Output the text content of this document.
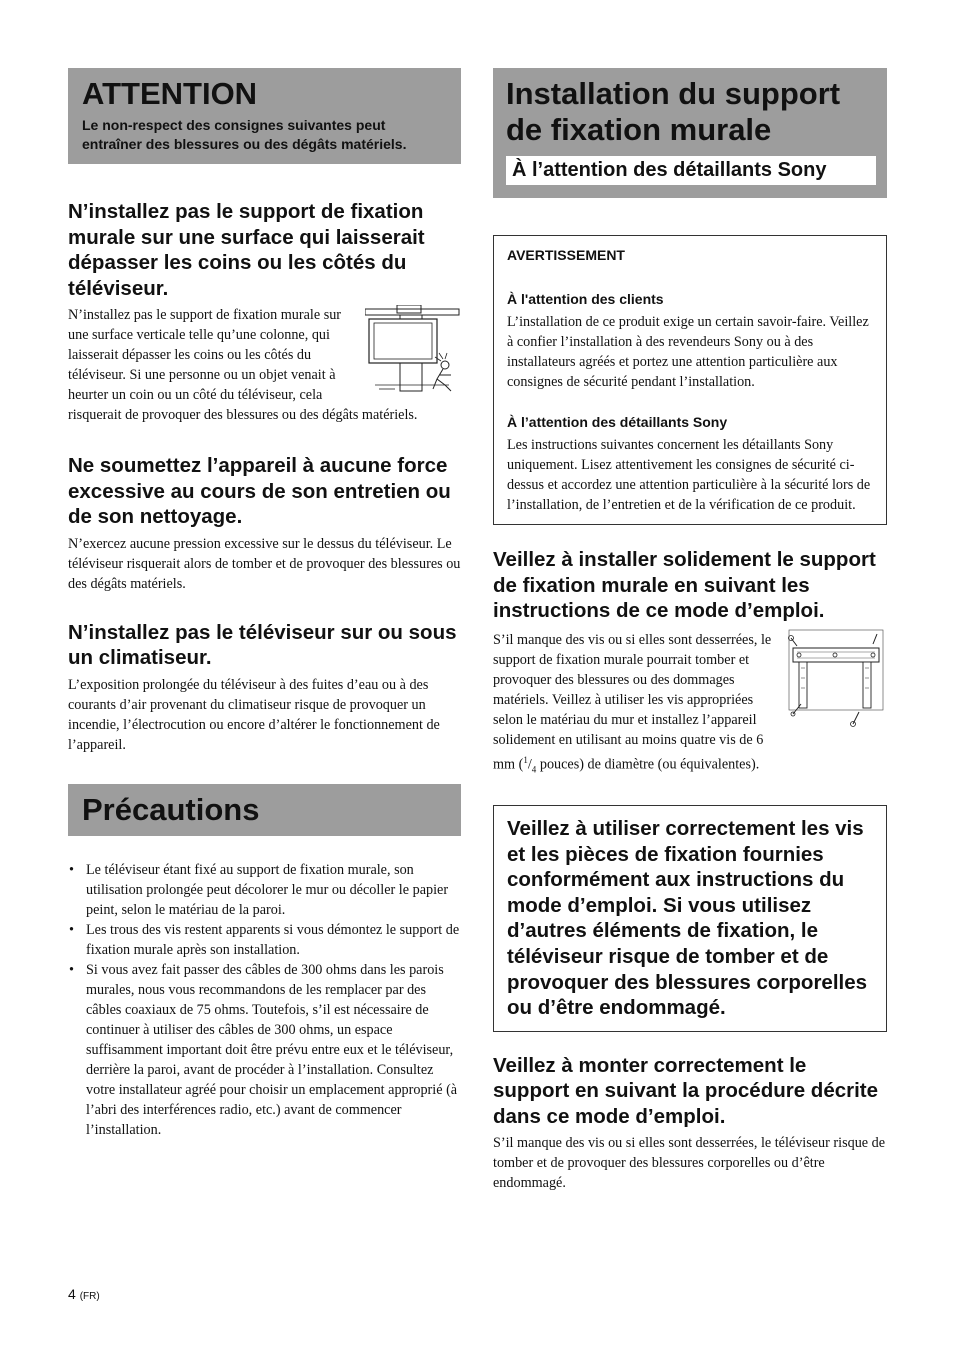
ATTENTION

Le non-respect des consignes suivantes peut entraîner des blessures ou des dégâts matériels.

N’installez pas le support de fixation murale sur une surface qui laisserait dépasser les coins ou les côtés du téléviseur.

N’installez pas le support de fixation murale sur une surface verticale telle qu’une colonne, qui laisserait dépasser les coins ou les côtés du téléviseur. Si une personne ou un objet venait à heurter un coin ou un côté du téléviseur, cela risquerait de provoquer des blessures ou des dégâts matériels.

Ne soumettez l’appareil à aucune force excessive au cours de son entretien ou de son nettoyage.

N’exercez aucune pression excessive sur le dessus du téléviseur. Le téléviseur risquerait alors de tomber et de provoquer des blessures ou des dégâts matériels.

N’installez pas le téléviseur sur ou sous un climatiseur.

L’exposition prolongée du téléviseur à des fuites d’eau ou à des courants d’air provenant du climatiseur risque de provoquer un incendie, l’électrocution ou encore d’altérer le fonctionnement de l’appareil.

Précautions
• Le téléviseur étant fixé au support de fixation murale, son utilisation prolongée peut décolorer le mur ou décoller le papier peint, selon le matériau de la paroi.
• Les trous des vis restent apparents si vous démontez le support de fixation murale après son installation.
• Si vous avez fait passer des câbles de 300 ohms dans les parois murales, nous vous recommandons de les remplacer par des câbles coaxiaux de 75 ohms. Toutefois, s’il est nécessaire de continuer à utiliser des câbles de 300 ohms, un espace suffisamment important doit être prévu entre eux et le téléviseur, derrière la paroi, avant de procéder à l’installation. Consultez votre installateur agréé pour choisir un emplacement approprié (à l’abri des interférences radio, etc.) avant de commencer l’installation.
Installation du support de fixation murale
À l’attention des détaillants Sony

AVERTISSEMENT

À l'attention des clients

L’installation de ce produit exige un certain savoir-faire. Veillez à confier l’installation à des revendeurs Sony ou à des installateurs agréés et portez une attention particulière aux consignes de sécurité pendant l’installation.

À l’attention des détaillants Sony

Les instructions suivantes concernent les détaillants Sony uniquement. Lisez attentivement les consignes de sécurité ci-dessus et accordez une attention particulière à la sécurité lors de l’installation, de l’entretien et de la vérification de ce produit.

Veillez à installer solidement le support de fixation murale en suivant les instructions de ce mode d’emploi.

S’il manque des vis ou si elles sont desserrées, le support de fixation murale pourrait tomber et provoquer des blessures ou des dommages matériels. Veillez à utiliser les vis appropriées selon le matériau du mur et installez l’appareil solidement en utilisant au moins quatre vis de 6 mm ($^1/_4$ pouces) de diamètre (ou équivalentes).

Veillez à utiliser correctement les vis et les pièces de fixation fournies conformément aux instructions du mode d’emploi. Si vous utilisez d’autres éléments de fixation, le téléviseur risque de tomber et de provoquer des blessures corporelles ou d’être endommagé.

Veillez à monter correctement le support en suivant la procédure décrite dans ce mode d’emploi.

S’il manque des vis ou si elles sont desserrées, le téléviseur risque de tomber et de provoquer des blessures corporelles ou d’être endommagé.

4 (FR)
